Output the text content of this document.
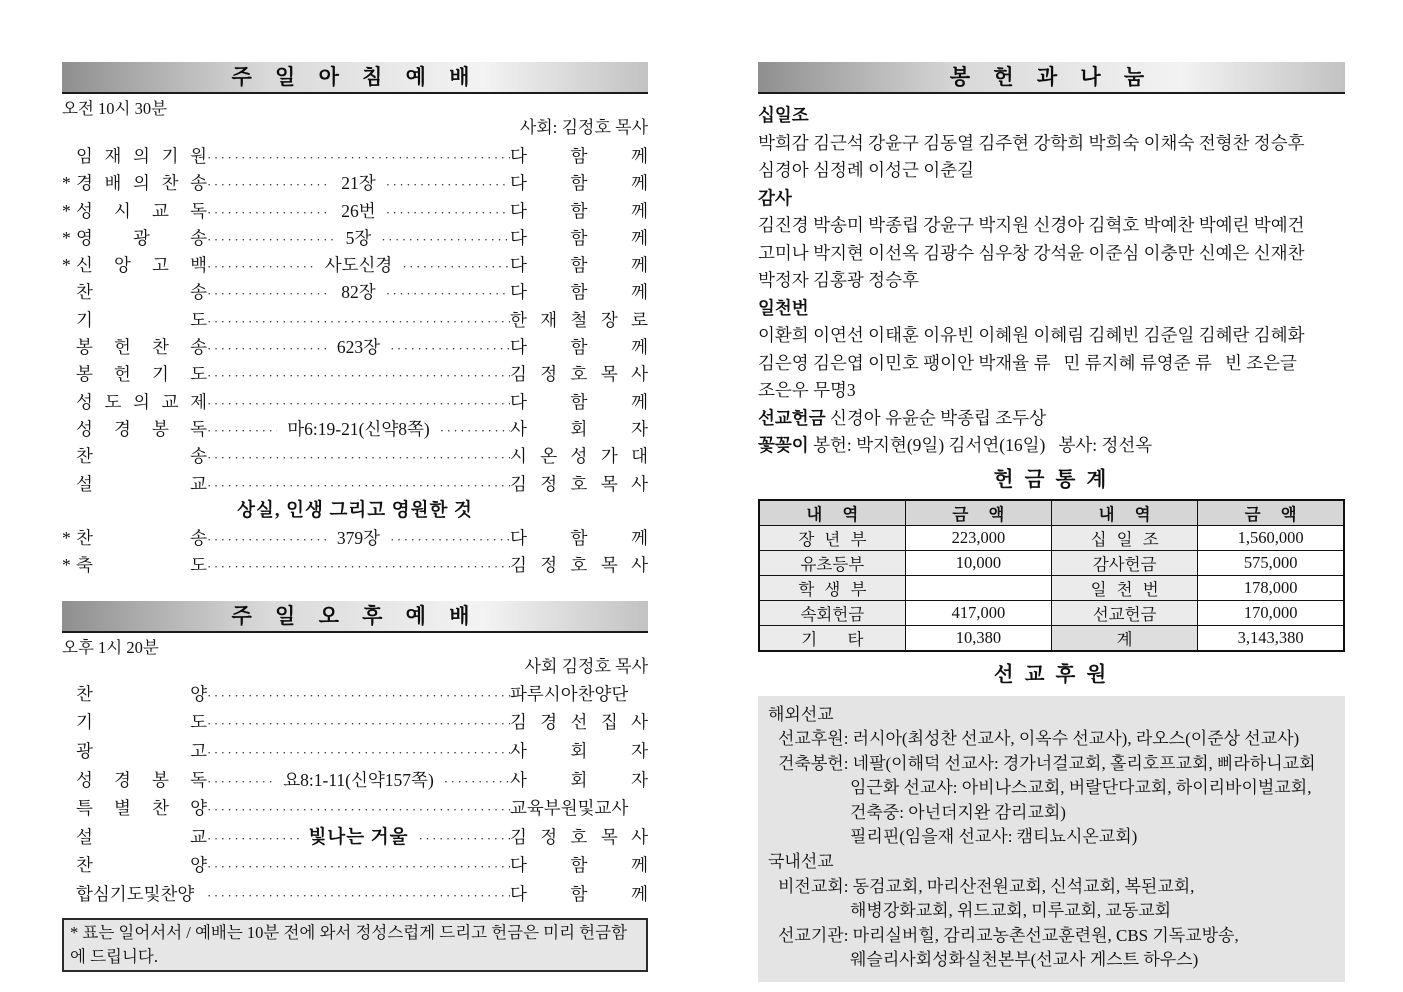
주 일 아 침 예 배
오전 10시 30분
사회: 김정호 목사
임 재 의 기 원 ·····	다 함 께
* 경 배 의 찬 송 ·····	21장 ·····	다 함 께
* 성 시 교 독 ·····	26번 ·····	다 함 께
* 영 광 송 ·····	5장 ·····	다 함 께
* 신 앙 고 백 ·····	사도신경 ·····	다 함 께
찬 송 ·····	82장 ·····	다 함 께
기 도 ·····	한 재 철 장 로
봉 헌 찬 송 ·····	623장 ·····	다 함 께
봉 헌 기 도 ·····	김 정 호 목 사
성 도 의 교 제 ·····	다 함 께
성 경 봉 독 ·····	마6:19-21(신약8쪽) ·····	사 회 자
찬 송 ·····	시 온 성 가 대
설 교 ·····	김 정 호 목 사
상실, 인생 그리고 영원한 것
* 찬 송 ·····	379장 ·····	다 함 께
* 축 도 ·····	김 정 호 목 사
주 일 오 후 예 배
오후 1시 20분
사회 김정호 목사
찬 양 ·····	파루시아찬양단
기 도 ·····	김 경 선 집 사
광 고 ·····	사 회 자
성 경 봉 독 ·····	요8:1-11(신약157쪽) ·····	사 회 자
특 별 찬 양 ·····	교육부원및교사
설 교 ·····	빛나는 거울 ·····	김 정 호 목 사
찬 양 ·····	다 함 께
합심기도및찬양 ·····	다 함 께
* 표는 일어서서 / 예배는 10분 전에 와서 정성스럽게 드리고 헌금은 미리 헌금함에 드립니다.
봉 헌 과 나 눔
십일조
박희감 김근석 강윤구 김동열 김주현 강학희 박희숙 이채숙 전형찬 정승후
심경아 심정례 이성근 이춘길
감사
김진경 박송미 박종립 강윤구 박지원 신경아 김혁호 박예찬 박예린 박예건
고미나 박지현 이선옥 김광수 심우창 강석윤 이준심 이충만 신예은 신재찬
박정자 김홍광 정승후
일천번
이환희 이연선 이태훈 이유빈 이혜원 이혜림 김혜빈 김준일 김혜란 김혜화
김은영 김은엽 이민호 팽이안 박재율 류   민 류지혜 류영준 류   빈 조은글
조은우 무명3
선교헌금 신경아 유윤순 박종립 조두상
꽃꽂이 봉헌: 박지현(9일) 김서연(16일)   봉사: 정선옥
헌 금 통 계
내 역	금 액	내 역	금 액
장 년 부	223,000	십 일 조	1,560,000
유초등부	10,000	감사헌금	575,000
학 생 부		일 천 번	178,000
속회헌금	417,000	선교헌금	170,000
기   타	10,380	계	3,143,380
선 교 후 원
해외선교
선교후원: 러시아(최성찬 선교사, 이옥수 선교사), 라오스(이준상 선교사)
건축봉헌: 네팔(이해덕 선교사: 경가너걸교회, 홀리호프교회, 삐라하니교회
임근화 선교사: 아비나스교회, 버랄단다교회, 하이리바이벌교회,
건축중: 아넌더지완 감리교회)
필리핀(임을재 선교사: 캠티뇨시온교회)
국내선교
비전교회: 동검교회, 마리산전원교회, 신석교회, 복된교회,
해병강화교회, 위드교회, 미루교회, 교동교회
선교기관: 마리실버힐, 감리교농촌선교훈련원, CBS 기독교방송,
웨슬리사회성화실천본부(선교사 게스트 하우스)
